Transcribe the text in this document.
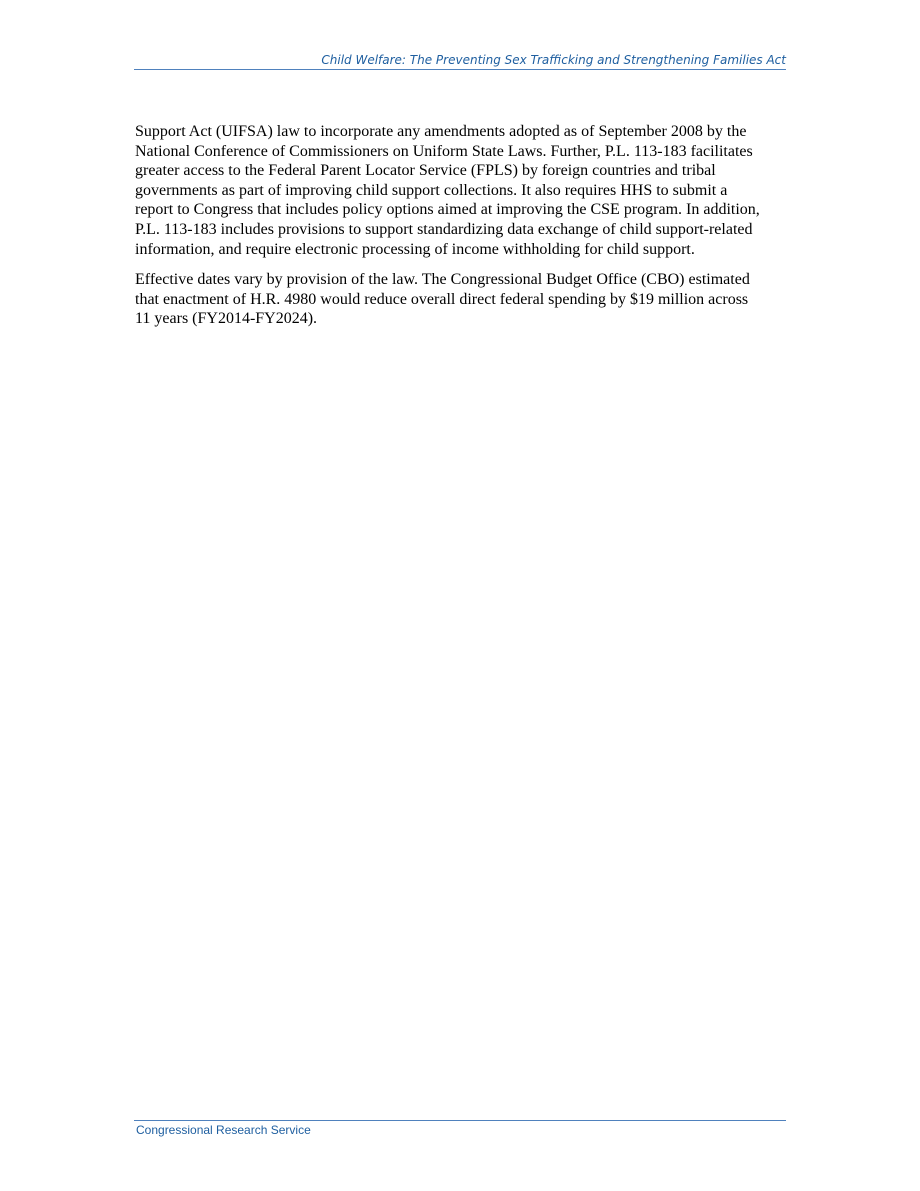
Child Welfare: The Preventing Sex Trafficking and Strengthening Families Act

Support Act (UIFSA) law to incorporate any amendments adopted as of September 2008 by the
National Conference of Commissioners on Uniform State Laws. Further, P.L. 113-183 facilitates
greater access to the Federal Parent Locator Service (FPLS) by foreign countries and tribal
governments as part of improving child support collections. It also requires HHS to submit a
report to Congress that includes policy options aimed at improving the CSE program. In addition,
P.L. 113-183 includes provisions to support standardizing data exchange of child support-related
information, and require electronic processing of income withholding for child support.

Effective dates vary by provision of the law. The Congressional Budget Office (CBO) estimated
that enactment of H.R. 4980 would reduce overall direct federal spending by $19 million across
11 years (FY2014-FY2024).

Congressional Research Service
